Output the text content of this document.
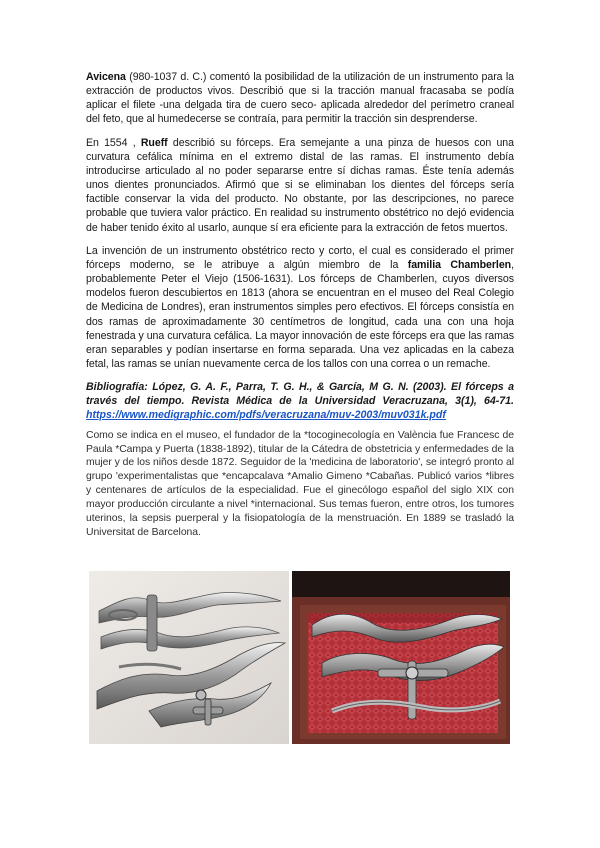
Avicena (980-1037 d. C.) comentó la posibilidad de la utilización de un instrumento para la extracción de productos vivos. Describió que si la tracción manual fracasaba se podía aplicar el filete -una delgada tira de cuero seco- aplicada alrededor del perímetro craneal del feto, que al humedecerse se contraía, para permitir la tracción sin desprenderse.

En 1554 , Rueff describió su fórceps. Era semejante a una pinza de huesos con una curvatura cefálica mínima en el extremo distal de las ramas. El instrumento debía introducirse articulado al no poder separarse entre sí dichas ramas. Éste tenía además unos dientes pronunciados. Afirmó que si se eliminaban los dientes del fórceps sería factible conservar la vida del producto. No obstante, por las descripciones, no parece probable que tuviera valor práctico. En realidad su instrumento obstétrico no dejó evidencia de haber tenido éxito al usarlo, aunque sí era eficiente para la extracción de fetos muertos.

La invención de un instrumento obstétrico recto y corto, el cual es considerado el primer fórceps moderno, se le atribuye a algún miembro de la familia Chamberlen, probablemente Peter el Viejo (1506-1631). Los fórceps de Chamberlen, cuyos diversos modelos fueron descubiertos en 1813 (ahora se encuentran en el museo del Real Colegio de Medicina de Londres), eran instrumentos simples pero efectivos. El fórceps consistía en dos ramas de aproximadamente 30 centímetros de longitud, cada una con una hoja fenestrada y una curvatura cefálica. La mayor innovación de este fórceps era que las ramas eran separables y podían insertarse en forma separada. Una vez aplicadas en la cabeza fetal, las ramas se unían nuevamente cerca de los tallos con una correa o un remache.

Bibliografía: López, G. A. F., Parra, T. G. H., & García, M G. N. (2003). El fórceps a través del tiempo. Revista Médica de la Universidad Veracruzana, 3(1), 64-71. https://www.medigraphic.com/pdfs/veracruzana/muv-2003/muv031k.pdf

Como se indica en el museo, el fundador de la *tocoginecología en València fue Francesc de Paula *Campa y Puerta (1838-1892), titular de la Cátedra de obstetricia y enfermedades de la mujer y de los niños desde 1872. Seguidor de la 'medicina de laboratorio', se integró pronto al grupo 'experimentalistas que *encapcalava *Amalio Gimeno *Cabañas. Publicó varios *libres y centenares de artículos de la especialidad. Fue el ginecólogo español del siglo XIX con mayor producción circulante a nivel *internacional. Sus temas fueron, entre otros, los tumores uterinos, la sepsis puerperal y la fisiopatología de la menstruación. En 1889 se trasladó la Universitat de Barcelona.
